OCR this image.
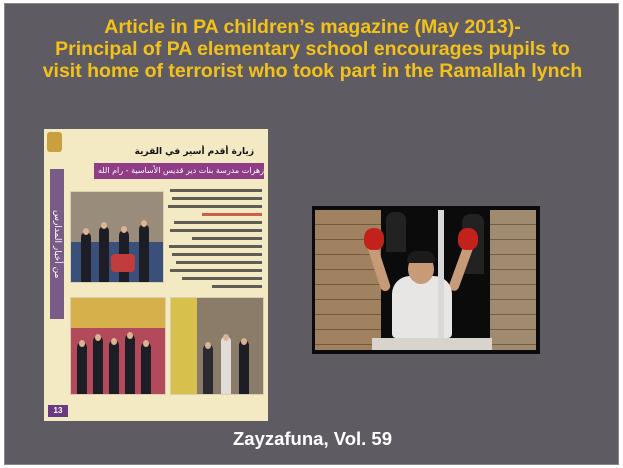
Article in PA children’s magazine (May 2013)-
Principal of PA elementary school encourages pupils to
visit home of terrorist who took part in the Ramallah lynch
من أخبار المدارس
زيارة أقدم أسير في القرية
زهرات مدرسة بنات دير قديس الأساسية - رام الله
13
Zayzafuna, Vol. 59
